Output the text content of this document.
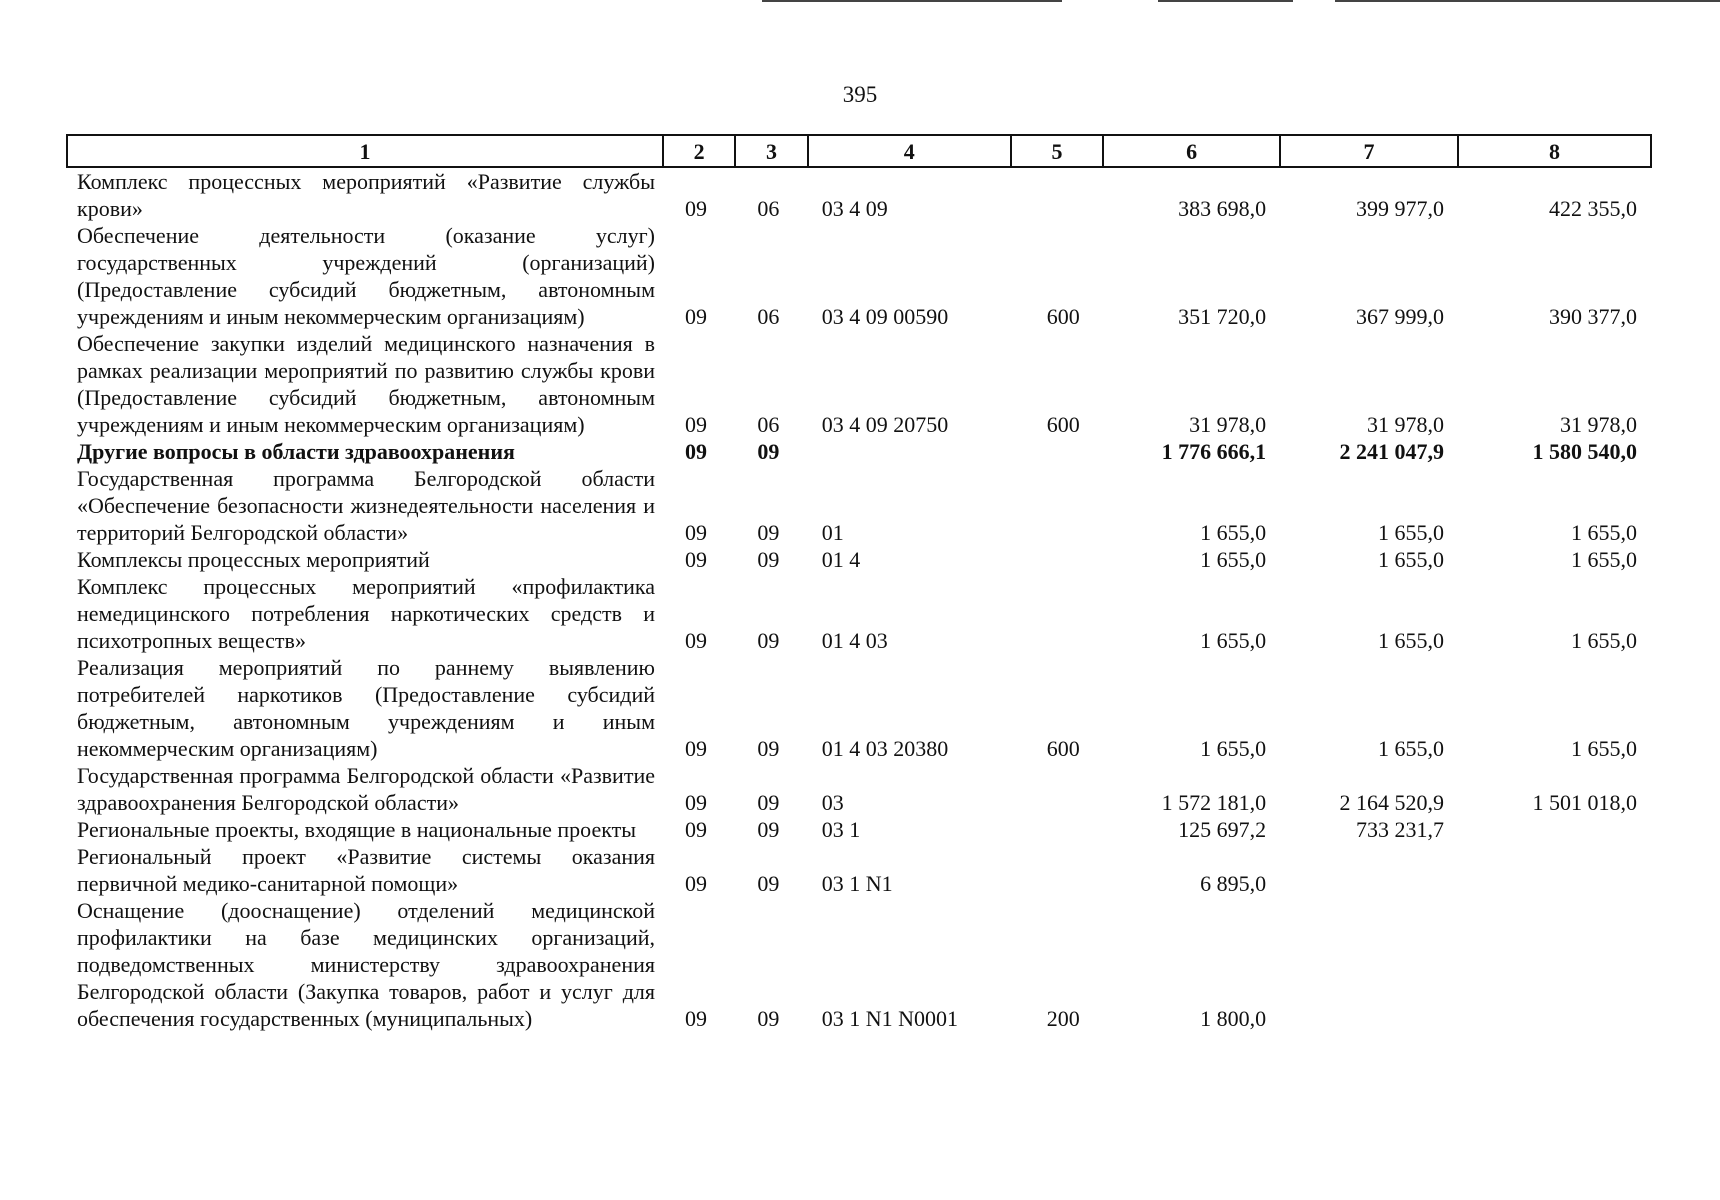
395
1	2	3	4	5	6	7	8
Комплекс процессных мероприятий «Развитие службы крови»	09	06	03 4 09		383 698,0	399 977,0	422 355,0
Обеспечение деятельности (оказание услуг) государственных учреждений (организаций) (Предоставление субсидий бюджетным, автономным учреждениям и иным некоммерческим организациям)	09	06	03 4 09 00590	600	351 720,0	367 999,0	390 377,0
Обеспечение закупки изделий медицинского назначения в рамках реализации мероприятий по развитию службы крови (Предоставление субсидий бюджетным, автономным учреждениям и иным некоммерческим организациям)	09	06	03 4 09 20750	600	31 978,0	31 978,0	31 978,0
Другие вопросы в области здравоохранения	09	09			1 776 666,1	2 241 047,9	1 580 540,0
Государственная программа Белгородской области «Обеспечение безопасности жизнедеятельности населения и территорий Белгородской области»	09	09	01		1 655,0	1 655,0	1 655,0
Комплексы процессных мероприятий	09	09	01 4		1 655,0	1 655,0	1 655,0
Комплекс процессных мероприятий «профилактика немедицинского потребления наркотических средств и психотропных веществ»	09	09	01 4 03		1 655,0	1 655,0	1 655,0
Реализация мероприятий по раннему выявлению потребителей наркотиков (Предоставление субсидий бюджетным, автономным учреждениям и иным некоммерческим организациям)	09	09	01 4 03 20380	600	1 655,0	1 655,0	1 655,0
Государственная программа Белгородской области «Развитие здравоохранения Белгородской области»	09	09	03		1 572 181,0	2 164 520,9	1 501 018,0
Региональные проекты, входящие в национальные проекты	09	09	03 1		125 697,2	733 231,7	
Региональный проект «Развитие системы оказания первичной медико-санитарной помощи»	09	09	03 1 N1		6 895,0		
Оснащение (дооснащение) отделений медицинской профилактики на базе медицинских организаций, подведомственных министерству здравоохранения Белгородской области (Закупка товаров, работ и услуг для обеспечения государственных (муниципальных)	09	09	03 1 N1 N0001	200	1 800,0		
